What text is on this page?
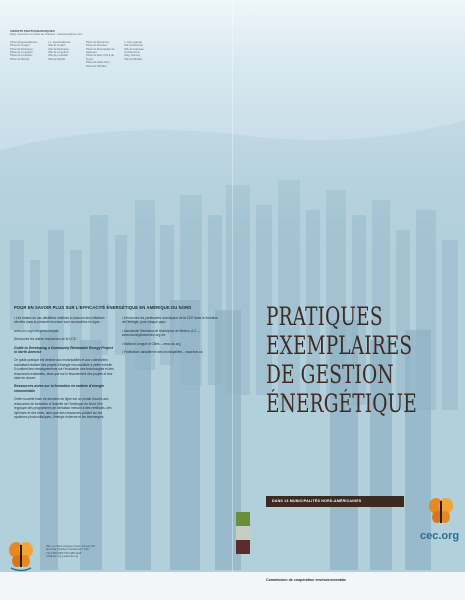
CRÉDITS PHOTOGRAPHIQUES
Page couverture et photos de l'intérieur : www.istockphoto.com
Photo d'Aguascalientes :
Photo de Guelph :
Photo de Burlington :
Photo de Longueuil :
Photo de Louisville :
Photo de Mérida :
J.L. Aguascalientes
Ville de Guelph
Ville de Burlington
Ville de Longueuil
Ville de Louisville
Ville de Mérida
Photo de Monterrey :
Photo de Moncton :
Photo de Municipalité de Gatineau :
Photo de New York & du Texas :
Photo de Saint-John :
Photo de Whistler :
J. Luis Lagunas
Ville de Moncton
Ville de Gatineau
Cynthia Gunn
Greg Twomey
Ville de Whistler
POUR EN SAVOIR PLUS SUR L'EFFICACITÉ ÉNERGÉTIQUE EN AMÉRIQUE DU NORD

• Les études de cas détaillées relatives à chacune des initiatives décrites dans la présente brochure sont accessibles en ligne :

www.cec.org/energiemunicipale

Découvrez les autres ressources de la CCE :

Guide to Developing a Community Renewable Energy Project in North America

Ce guide pratique est destiné aux municipalités et aux collectivités souhaitant réaliser des projets d'énergie renouvelable à petite échelle. Il contient des renseignements sur l'évaluation des technologies et des ressources existantes, ainsi que sur le financement des projets et leur mise en œuvre.

Ressources axées sur la formation en matière d'énergie renouvelable

Cette nouvelle base de données en ligne est un portail d'accès aux ressources de formation à l'échelle de l'Amérique du Nord. Elle regroupe des programmes de formation menant à des certificats, des diplômes et des titres, ainsi que des ressources portant sur les systèmes photovoltaïques, l'énergie éolienne et les bioénergies.

• Découvrez les partenaires municipaux de la CCE dans le domaine de l'énergie, pour chaque pays :

• Asociación Mexicana de Municipios de México, A.C. – www.municipiosmexico.org.mx

• National League of Cities – www.nlc.org

• Fédération canadienne des municipalités – www.fcm.ca

393, rue Saint-Jacques Ouest, bureau 200
Montréal (Québec) Canada H2Y 1N9
t 514.350.4300 f 514.350.4314
info@cec.org | www.cec.org
PRATIQUES
EXEMPLAIRES
DE GESTION
ÉNERGÉTIQUE
DANS 13 MUNICIPALITÉS NORD-AMÉRICAINES
cec.org
Commission de coopération environnementale
